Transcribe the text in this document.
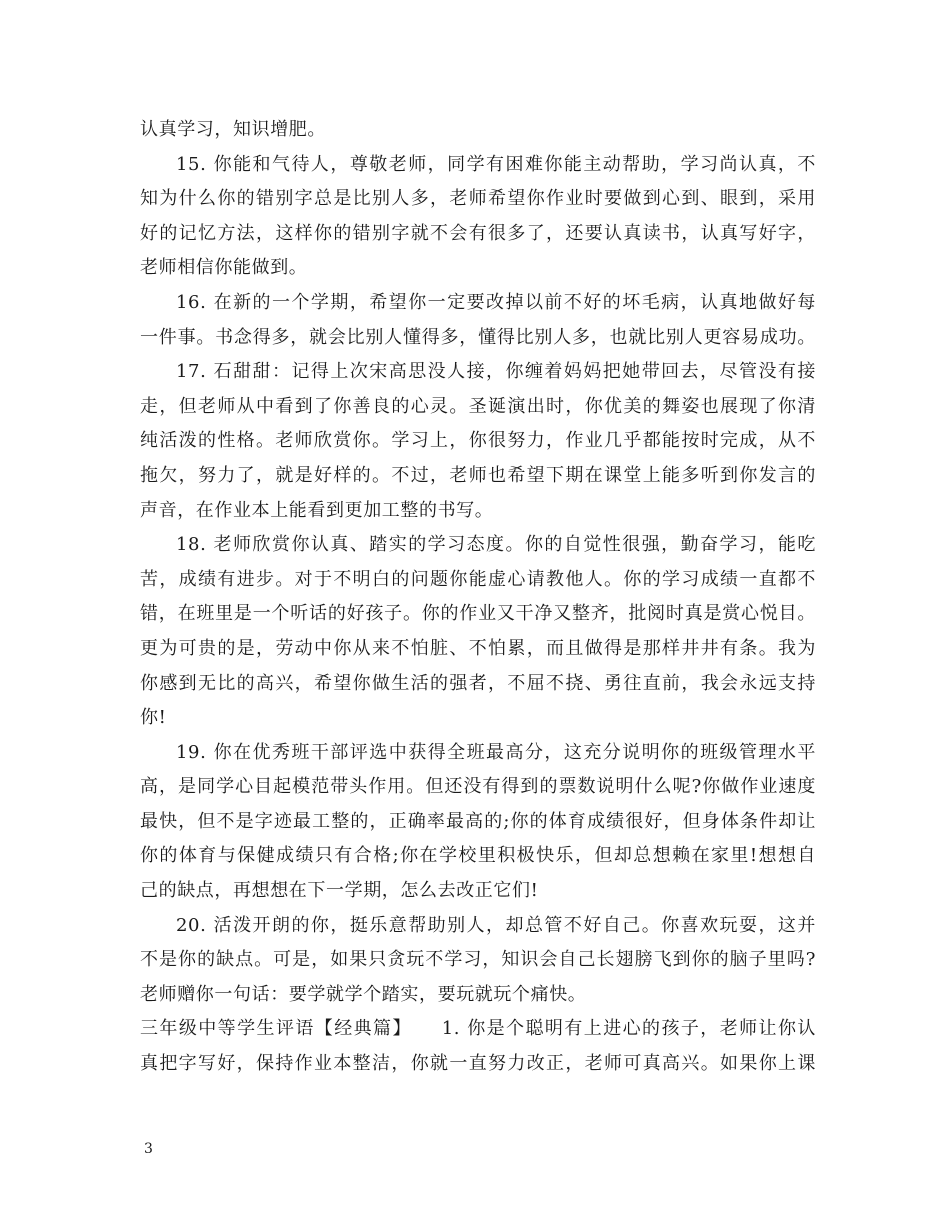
认真学习，知识增肥。
15. 你能和气待人，尊敬老师，同学有困难你能主动帮助，学习尚认真，不
知为什么你的错别字总是比别人多，老师希望你作业时要做到心到、眼到，采用
好的记忆方法，这样你的错别字就不会有很多了，还要认真读书，认真写好字，
老师相信你能做到。
16. 在新的一个学期，希望你一定要改掉以前不好的坏毛病，认真地做好每
一件事。书念得多，就会比别人懂得多，懂得比别人多，也就比别人更容易成功。
17. 石甜甜：记得上次宋高思没人接，你缠着妈妈把她带回去，尽管没有接
走，但老师从中看到了你善良的心灵。圣诞演出时，你优美的舞姿也展现了你清
纯活泼的性格。老师欣赏你。学习上，你很努力，作业几乎都能按时完成，从不
拖欠，努力了，就是好样的。不过，老师也希望下期在课堂上能多听到你发言的
声音，在作业本上能看到更加工整的书写。
18. 老师欣赏你认真、踏实的学习态度。你的自觉性很强，勤奋学习，能吃
苦，成绩有进步。对于不明白的问题你能虚心请教他人。你的学习成绩一直都不
错，在班里是一个听话的好孩子。你的作业又干净又整齐，批阅时真是赏心悦目。
更为可贵的是，劳动中你从来不怕脏、不怕累，而且做得是那样井井有条。我为
你感到无比的高兴，希望你做生活的强者，不屈不挠、勇往直前，我会永远支持
你!
19. 你在优秀班干部评选中获得全班最高分，这充分说明你的班级管理水平
高，是同学心目起模范带头作用。但还没有得到的票数说明什么呢?你做作业速度
最快，但不是字迹最工整的，正确率最高的;你的体育成绩很好，但身体条件却让
你的体育与保健成绩只有合格;你在学校里积极快乐，但却总想赖在家里!想想自
己的缺点，再想想在下一学期，怎么去改正它们!
20. 活泼开朗的你，挺乐意帮助别人，却总管不好自己。你喜欢玩耍，这并
不是你的缺点。可是，如果只贪玩不学习，知识会自己长翅膀飞到你的脑子里吗?
老师赠你一句话：要学就学个踏实，要玩就玩个痛快。
三年级中等学生评语【经典篇】　　1. 你是个聪明有上进心的孩子，老师让你认
真把字写好，保持作业本整洁，你就一直努力改正，老师可真高兴。如果你上课
3
